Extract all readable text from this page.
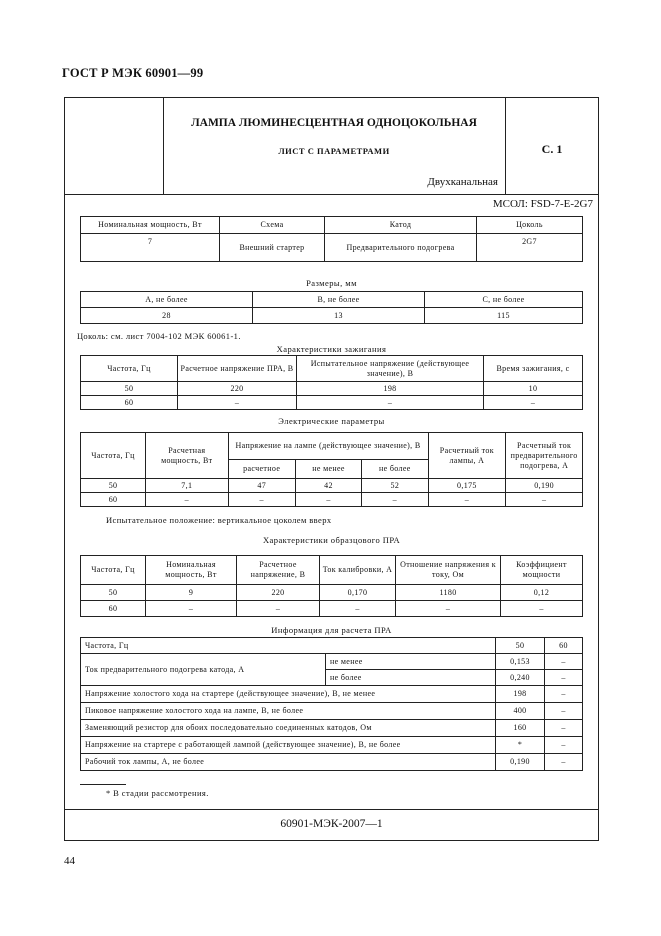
ГОСТ Р МЭК 60901—99
ЛАМПА ЛЮМИНЕСЦЕНТНАЯ ОДНОЦОКОЛЬНАЯ
ЛИСТ С ПАРАМЕТРАМИ	С. 1
Двухканальная
МСОЛ: FSD-7-E-2G7
Номинальная мощность, Вт	Схема	Катод	Цоколь
7	Внешний стартер	Предварительного подогрева	2G7
Размеры, мм
A, не более	B, не более	C, не более
28	13	115
Цоколь: см. лист 7004-102 МЭК 60061-1.
Характеристики зажигания
Частота, Гц	Расчетное напряжение ПРА, В	Испытательное напряжение (действующее значение), В	Время зажигания, с
50	220	198	10
60	–	–	–
Электрические параметры
Частота, Гц	Расчетная мощность, Вт	Напряжение на лампе (действующее значение), В			Расчетный ток лампы, А	Расчетный ток предварительного подогрева, А
		расчетное	не менее	не более		
50	7,1	47	42	52	0,175	0,190
60	–	–	–	–	–	–
Испытательное положение: вертикальное цоколем вверх
Характеристики образцового ПРА
Частота, Гц	Номинальная мощность, Вт	Расчетное напряжение, В	Ток калибровки, А	Отношение напряжения к току, Ом	Коэффициент мощности
50	9	220	0,170	1180	0,12
60	–	–	–	–	–
Информация для расчета ПРА
Частота, Гц		50	60
Ток предварительного подогрева катода, А	не менее	0,153	–
	не более	0,240	–
Напряжение холостого хода на стартере (действующее значение), В, не менее		198	–
Пиковое напряжение холостого хода на лампе, В, не более		400	–
Заменяющий резистор для обоих последовательно соединенных катодов, Ом		160	–
Напряжение на стартере с работающей лампой (действующее значение), В, не более		*	–
Рабочий ток лампы, А, не более		0,190	–
* В стадии рассмотрения.
60901-МЭК-2007—1
44
